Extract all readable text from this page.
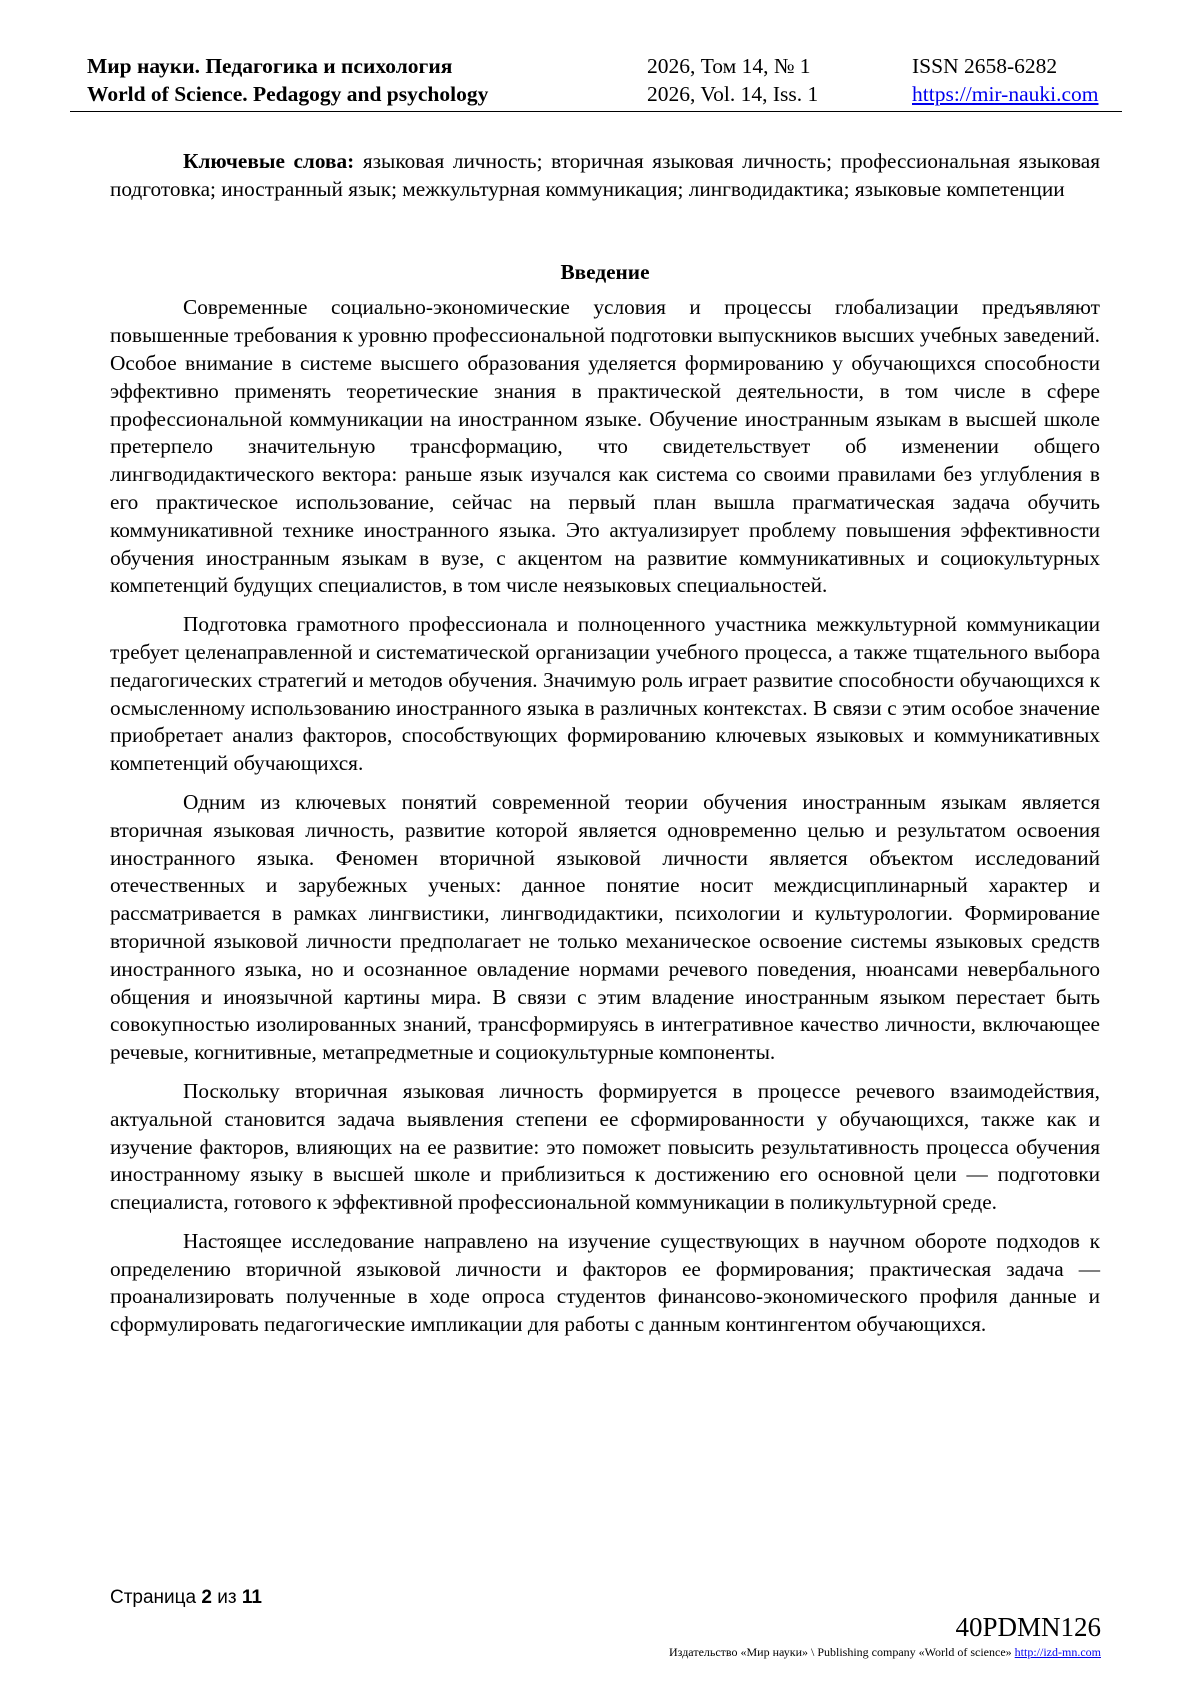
Мир науки. Педагогика и психология
World of Science. Pedagogy and psychology
2026, Том 14, № 1
2026, Vol. 14, Iss. 1
ISSN 2658-6282
https://mir-nauki.com

Ключевые слова: языковая личность; вторичная языковая личность; профессиональная языковая подготовка; иностранный язык; межкультурная коммуникация; лингводидактика; языковые компетенции

Введение

Современные социально-экономические условия и процессы глобализации предъявляют повышенные требования к уровню профессиональной подготовки выпускников высших учебных заведений. Особое внимание в системе высшего образования уделяется формированию у обучающихся способности эффективно применять теоретические знания в практической деятельности, в том числе в сфере профессиональной коммуникации на иностранном языке. Обучение иностранным языкам в высшей школе претерпело значительную трансформацию, что свидетельствует об изменении общего лингводидактического вектора: раньше язык изучался как система со своими правилами без углубления в его практическое использование, сейчас на первый план вышла прагматическая задача обучить коммуникативной технике иностранного языка. Это актуализирует проблему повышения эффективности обучения иностранным языкам в вузе, с акцентом на развитие коммуникативных и социокультурных компетенций будущих специалистов, в том числе неязыковых специальностей.

Подготовка грамотного профессионала и полноценного участника межкультурной коммуникации требует целенаправленной и систематической организации учебного процесса, а также тщательного выбора педагогических стратегий и методов обучения. Значимую роль играет развитие способности обучающихся к осмысленному использованию иностранного языка в различных контекстах. В связи с этим особое значение приобретает анализ факторов, способствующих формированию ключевых языковых и коммуникативных компетенций обучающихся.

Одним из ключевых понятий современной теории обучения иностранным языкам является вторичная языковая личность, развитие которой является одновременно целью и результатом освоения иностранного языка. Феномен вторичной языковой личности является объектом исследований отечественных и зарубежных ученых: данное понятие носит междисциплинарный характер и рассматривается в рамках лингвистики, лингводидактики, психологии и культурологии. Формирование вторичной языковой личности предполагает не только механическое освоение системы языковых средств иностранного языка, но и осознанное овладение нормами речевого поведения, нюансами невербального общения и иноязычной картины мира. В связи с этим владение иностранным языком перестает быть совокупностью изолированных знаний, трансформируясь в интегративное качество личности, включающее речевые, когнитивные, метапредметные и социокультурные компоненты.

Поскольку вторичная языковая личность формируется в процессе речевого взаимодействия, актуальной становится задача выявления степени ее сформированности у обучающихся, также как и изучение факторов, влияющих на ее развитие: это поможет повысить результативность процесса обучения иностранному языку в высшей школе и приблизиться к достижению его основной цели — подготовки специалиста, готового к эффективной профессиональной коммуникации в поликультурной среде.

Настоящее исследование направлено на изучение существующих в научном обороте подходов к определению вторичной языковой личности и факторов ее формирования; практическая задача — проанализировать полученные в ходе опроса студентов финансово-экономического профиля данные и сформулировать педагогические импликации для работы с данным контингентом обучающихся.

Страница 2 из 11
40PDMN126
Издательство «Мир науки» \ Publishing company «World of science» http://izd-mn.com
